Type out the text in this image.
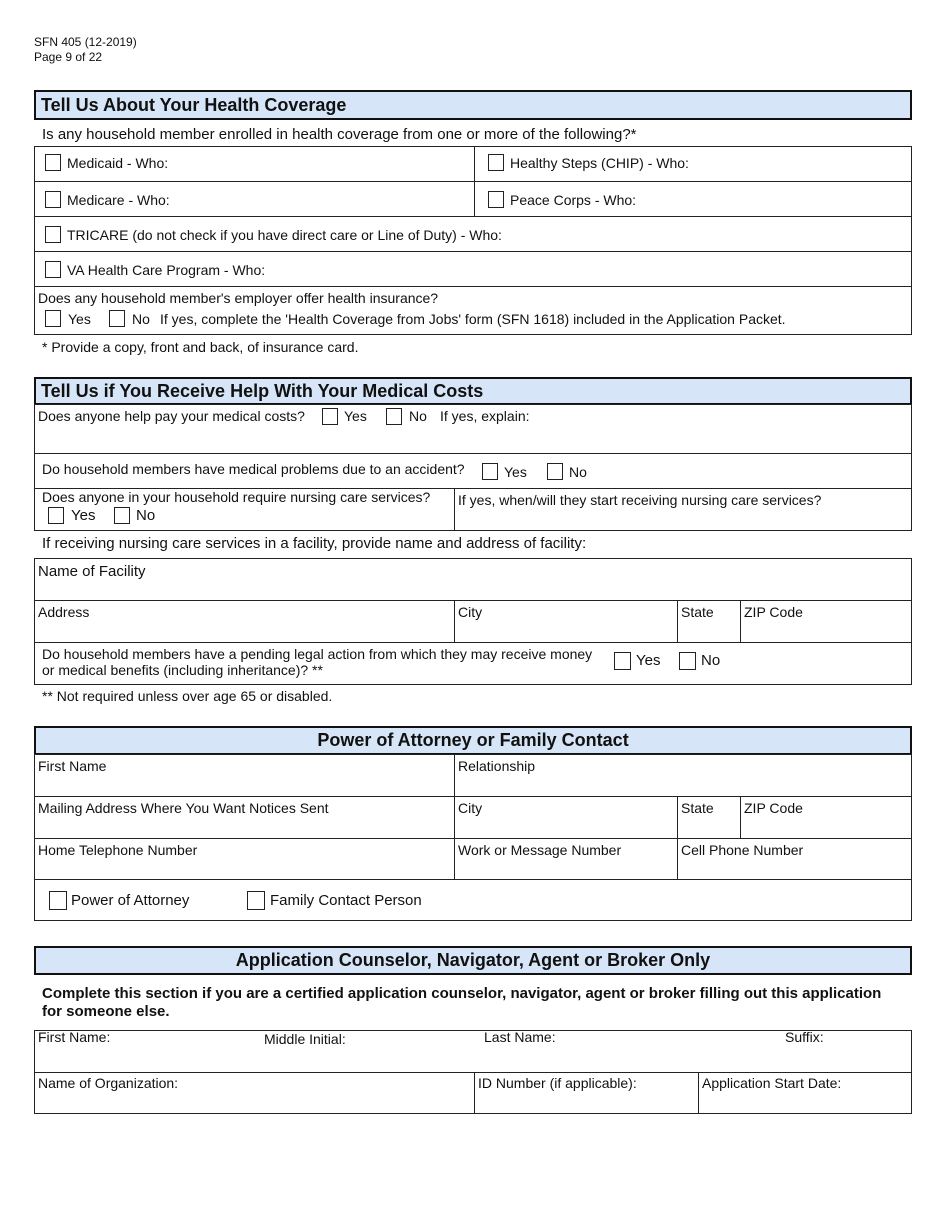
SFN 405 (12-2019)
Page 9 of 22
Tell Us About Your Health Coverage
Is any household member enrolled in health coverage from one or more of the following?*
Medicaid - Who:	Healthy Steps (CHIP) - Who:
Medicare - Who:	Peace Corps - Who:
TRICARE (do not check if you have direct care or Line of Duty) - Who:
VA Health Care Program - Who:
Does any household member's employer offer health insurance?
Yes	No If yes, complete the 'Health Coverage from Jobs' form (SFN 1618) included in the Application Packet.
* Provide a copy, front and back, of insurance card.
Tell Us if You Receive Help With Your Medical Costs
Does anyone help pay your medical costs?	Yes	No If yes, explain:
Do household members have medical problems due to an accident?	Yes	No
Does anyone in your household require nursing care services?
Yes	No
If yes, when/will they start receiving nursing care services?
If receiving nursing care services in a facility, provide name and address of facility:
Name of Facility
Address	City	State ZIP Code
Do household members have a pending legal action from which they may receive money
or medical benefits (including inheritance)? **
Yes	No
** Not required unless over age 65 or disabled.
Power of Attorney or Family Contact
First Name	Relationship
Mailing Address Where You Want Notices Sent	City	State ZIP Code
Home Telephone Number	Work or Message Number	Cell Phone Number
Power of Attorney	Family Contact Person
Application Counselor, Navigator, Agent or Broker Only
Complete this section if you are a certified application counselor, navigator, agent or broker filling out this application
for someone else.
First Name:	Middle Initial:	Last Name:	Suffix:
Name of Organization:	ID Number (if applicable):	Application Start Date:
